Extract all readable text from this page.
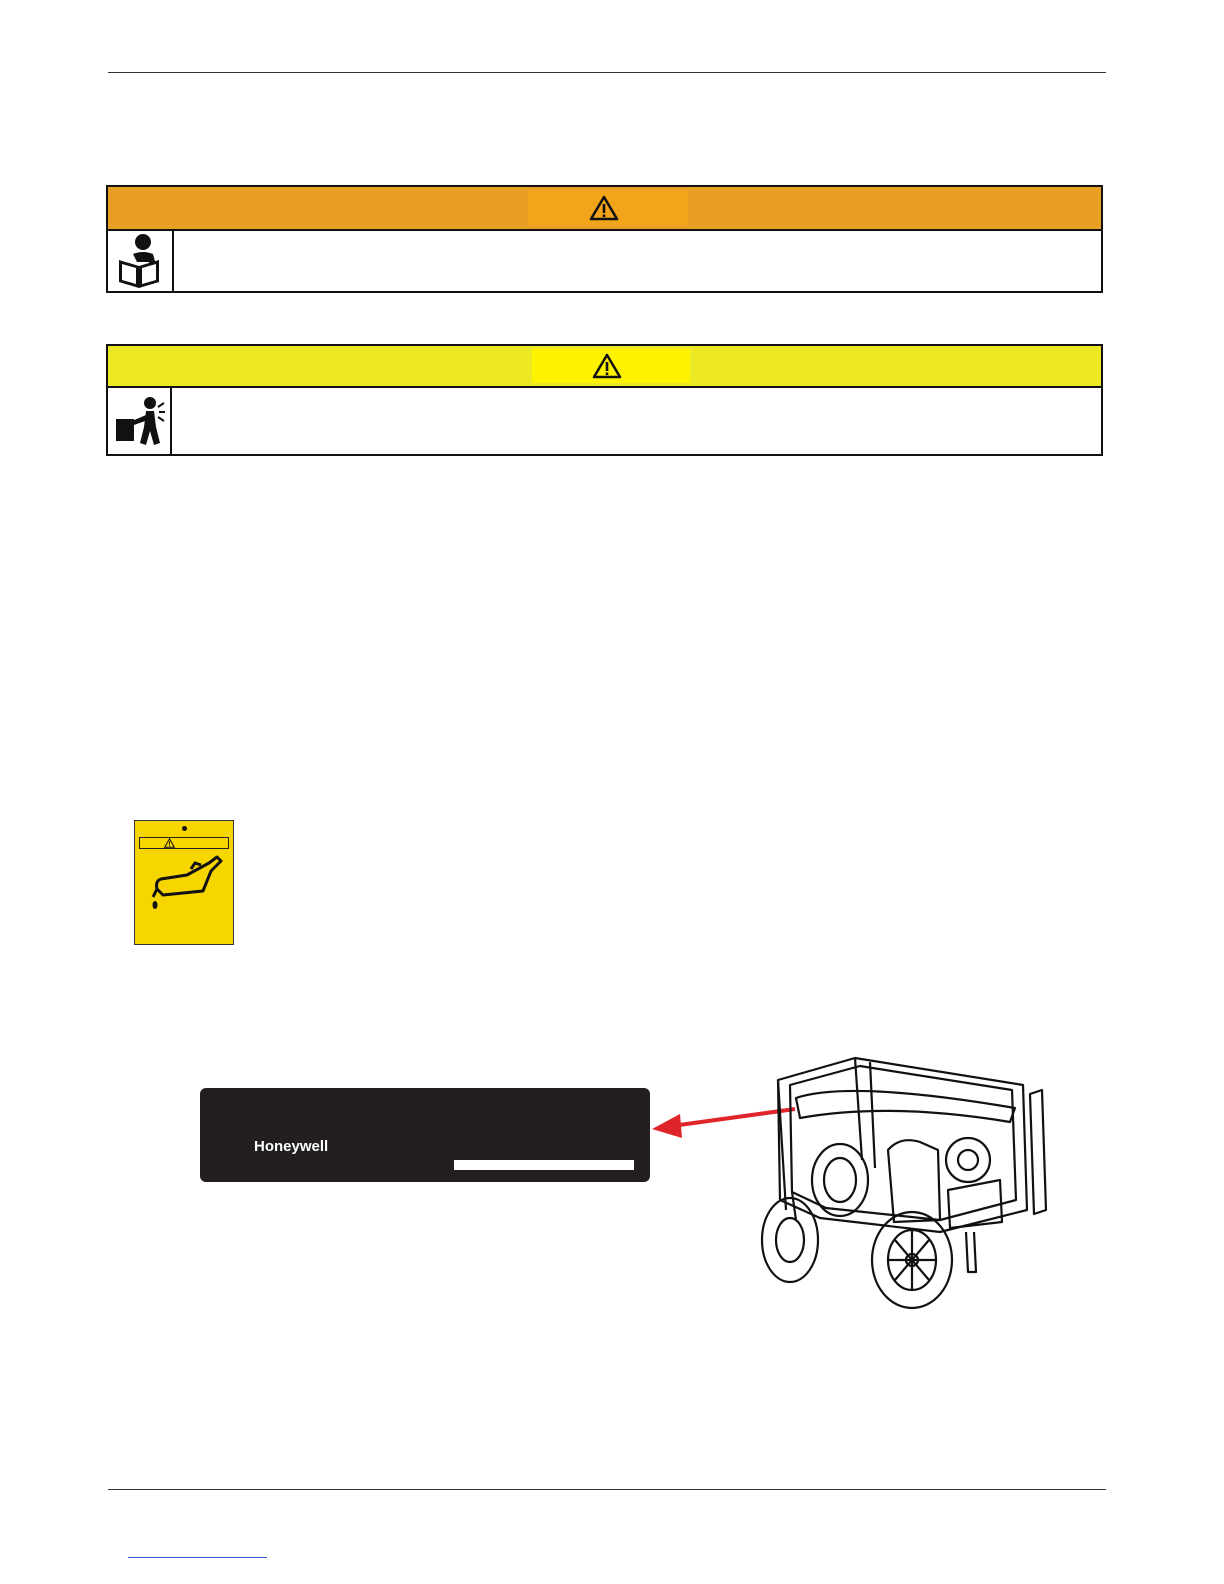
Honeywell
